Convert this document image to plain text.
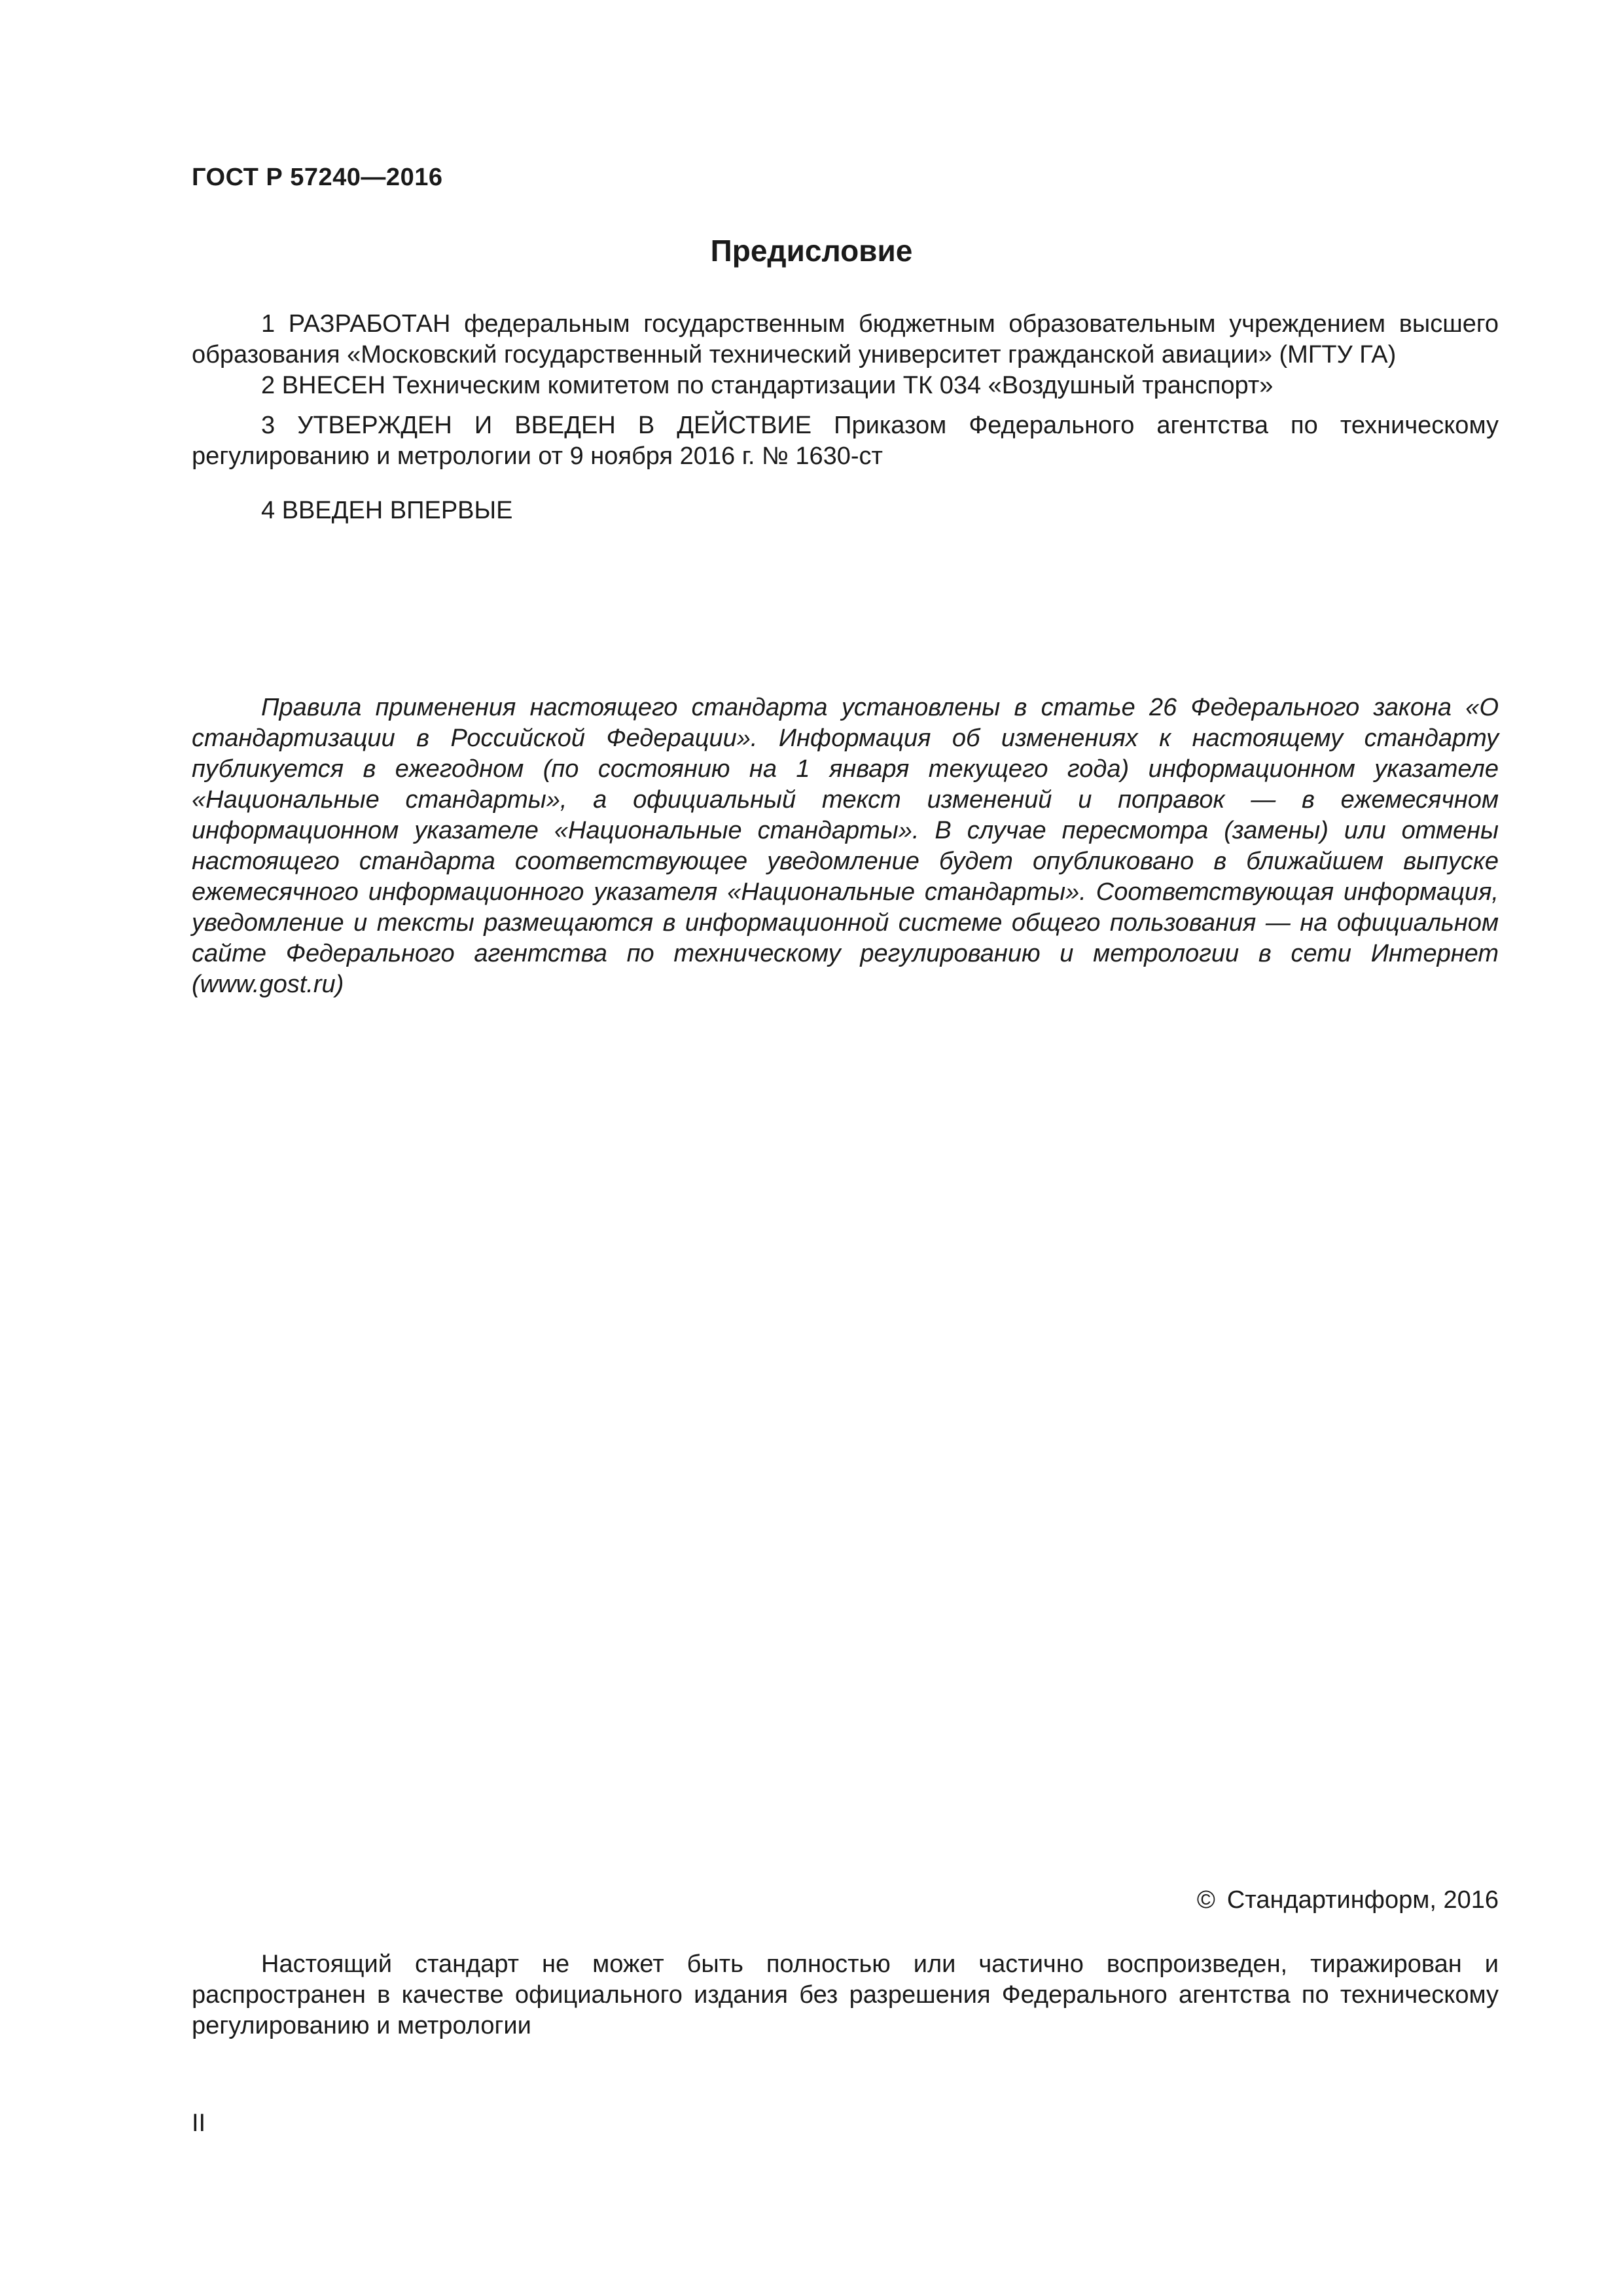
ГОСТ Р 57240—2016
Предисловие

1 РАЗРАБОТАН федеральным государственным бюджетным образовательным учреждением высшего образования «Московский государственный технический университет гражданской авиации» (МГТУ ГА)

2 ВНЕСЕН Техническим комитетом по стандартизации ТК 034 «Воздушный транспорт»

3 УТВЕРЖДЕН И ВВЕДЕН В ДЕЙСТВИЕ Приказом Федерального агентства по техническому регулированию и метрологии от 9 ноября 2016 г. № 1630-ст

4 ВВЕДЕН ВПЕРВЫЕ

Правила применения настоящего стандарта установлены в статье 26 Федерального закона «О стандартизации в Российской Федерации». Информация об изменениях к настоящему стандарту публикуется в ежегодном (по состоянию на 1 января текущего года) информационном указателе «Национальные стандарты», а официальный текст изменений и поправок — в ежемесячном информационном указателе «Национальные стандарты». В случае пересмотра (замены) или отмены настоящего стандарта соответствующее уведомление будет опубликовано в ближайшем выпуске ежемесячного информационного указателя «Национальные стандарты». Соответствующая информация, уведомление и тексты размещаются в информационной системе общего пользования — на официальном сайте Федерального агентства по техническому регулированию и метрологии в сети Интернет (www.gost.ru)

© Стандартинформ, 2016

Настоящий стандарт не может быть полностью или частично воспроизведен, тиражирован и распространен в качестве официального издания без разрешения Федерального агентства по техническому регулированию и метрологии

II
